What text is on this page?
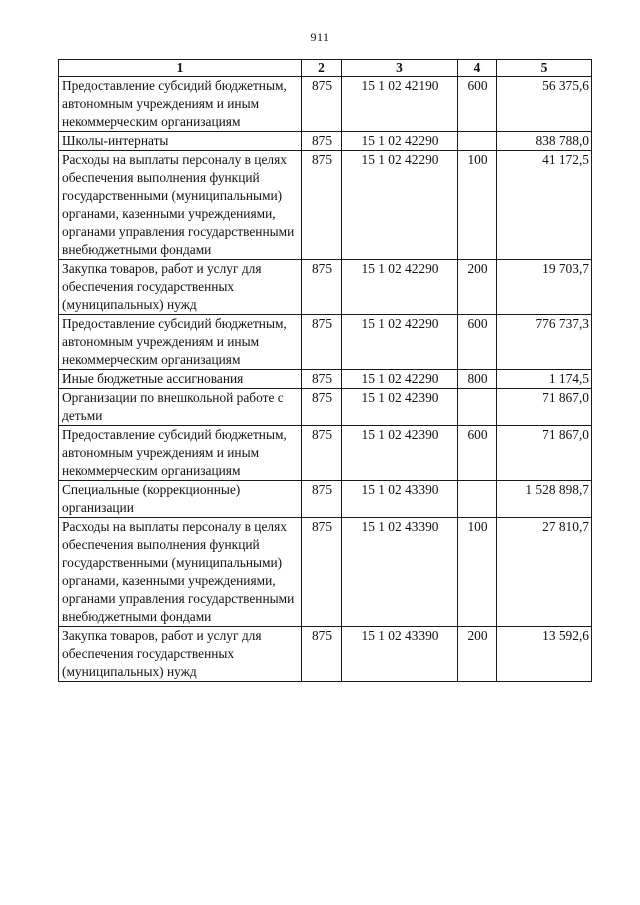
911
1	2	3	4	5
Предоставление субсидий бюджетным, автономным учреждениям и иным некоммерческим организациям	875	15 1 02 42190	600	56 375,6
Школы-интернаты	875	15 1 02 42290		838 788,0
Расходы на выплаты персоналу в целях обеспечения выполнения функций государственными (муниципальными) органами, казенными учреждениями, органами управления государственными внебюджетными фондами	875	15 1 02 42290	100	41 172,5
Закупка товаров, работ и услуг для обеспечения государственных (муниципальных) нужд	875	15 1 02 42290	200	19 703,7
Предоставление субсидий бюджетным, автономным учреждениям и иным некоммерческим организациям	875	15 1 02 42290	600	776 737,3
Иные бюджетные ассигнования	875	15 1 02 42290	800	1 174,5
Организации по внешкольной работе с детьми	875	15 1 02 42390		71 867,0
Предоставление субсидий бюджетным, автономным учреждениям и иным некоммерческим организациям	875	15 1 02 42390	600	71 867,0
Специальные (коррекционные) организации	875	15 1 02 43390		1 528 898,7
Расходы на выплаты персоналу в целях обеспечения выполнения функций государственными (муниципальными) органами, казенными учреждениями, органами управления государственными внебюджетными фондами	875	15 1 02 43390	100	27 810,7
Закупка товаров, работ и услуг для обеспечения государственных (муниципальных) нужд	875	15 1 02 43390	200	13 592,6
